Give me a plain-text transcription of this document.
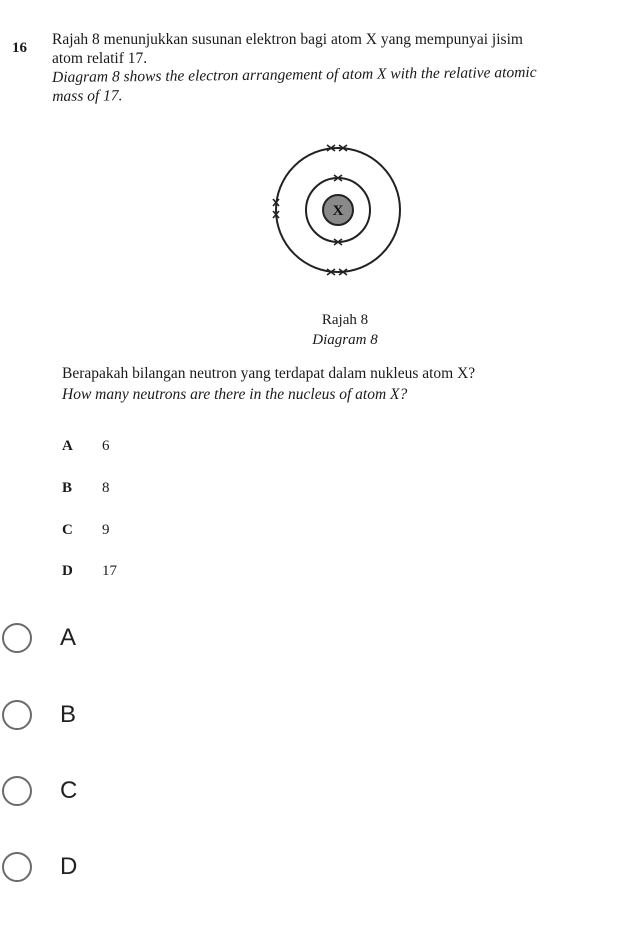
16 Rajah 8 menunjukkan susunan elektron bagi atom X yang mempunyai jisim
atom relatif 17.
Diagram 8 shows the electron arrangement of atom X with the relative atomic
mass of 17.
X
Rajah 8
Diagram 8
Berapakah bilangan neutron yang terdapat dalam nukleus atom X?
How many neutrons are there in the nucleus of atom X?
A 6
B 8
C 9
D 17
A
B
C
D
